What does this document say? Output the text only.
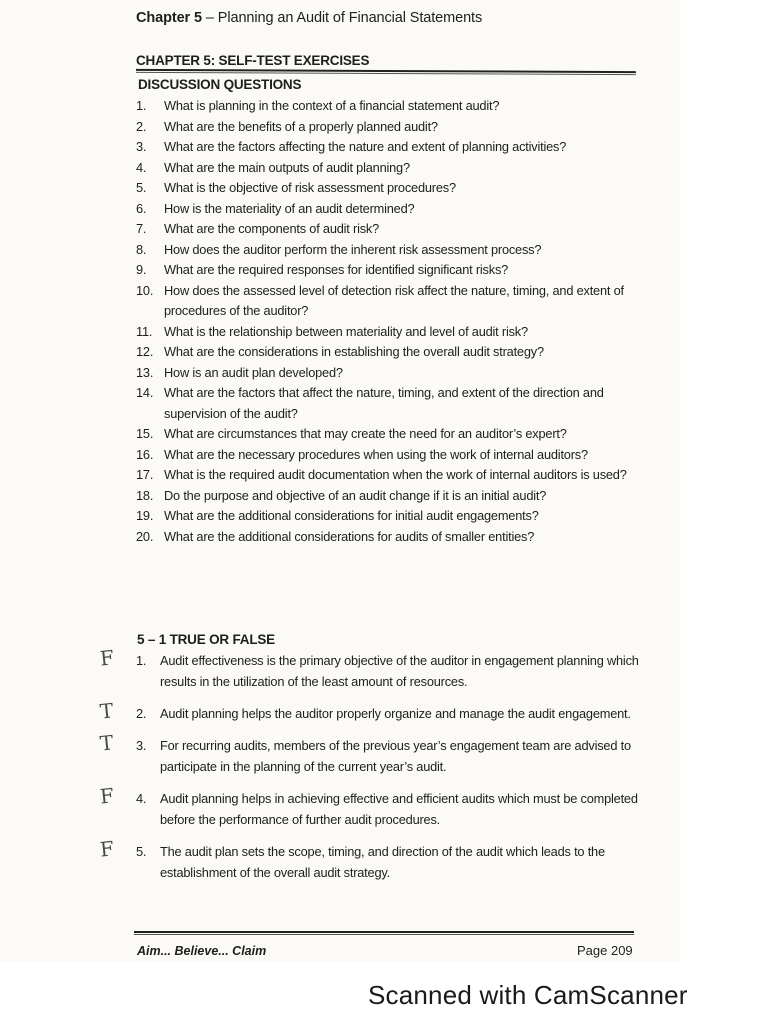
Chapter 5 – Planning an Audit of Financial Statements
CHAPTER 5: SELF-TEST EXERCISES
DISCUSSION QUESTIONS
1.	What is planning in the context of a financial statement audit?
2.	What are the benefits of a properly planned audit?
3.	What are the factors affecting the nature and extent of planning activities?
4.	What are the main outputs of audit planning?
5.	What is the objective of risk assessment procedures?
6.	How is the materiality of an audit determined?
7.	What are the components of audit risk?
8.	How does the auditor perform the inherent risk assessment process?
9.	What are the required responses for identified significant risks?
10. How does the assessed level of detection risk affect the nature, timing, and extent of procedures of the auditor?
11. What is the relationship between materiality and level of audit risk?
12. What are the considerations in establishing the overall audit strategy?
13. How is an audit plan developed?
14. What are the factors that affect the nature, timing, and extent of the direction and supervision of the audit?
15. What are circumstances that may create the need for an auditor’s expert?
16. What are the necessary procedures when using the work of internal auditors?
17. What is the required audit documentation when the work of internal auditors is used?
18. Do the purpose and objective of an audit change if it is an initial audit?
19. What are the additional considerations for initial audit engagements?
20. What are the additional considerations for audits of smaller entities?
5 – 1 TRUE OR FALSE
1.	Audit effectiveness is the primary objective of the auditor in engagement planning which results in the utilization of the least amount of resources.
F
2.	Audit planning helps the auditor properly organize and manage the audit engagement.
T
3.	For recurring audits, members of the previous year’s engagement team are advised to participate in the planning of the current year’s audit.
T
4.	Audit planning helps in achieving effective and efficient audits which must be completed before the performance of further audit procedures.
F
5.	The audit plan sets the scope, timing, and direction of the audit which leads to the establishment of the overall audit strategy.
F
Aim... Believe... Claim	Page 209
Scanned with CamScanner
